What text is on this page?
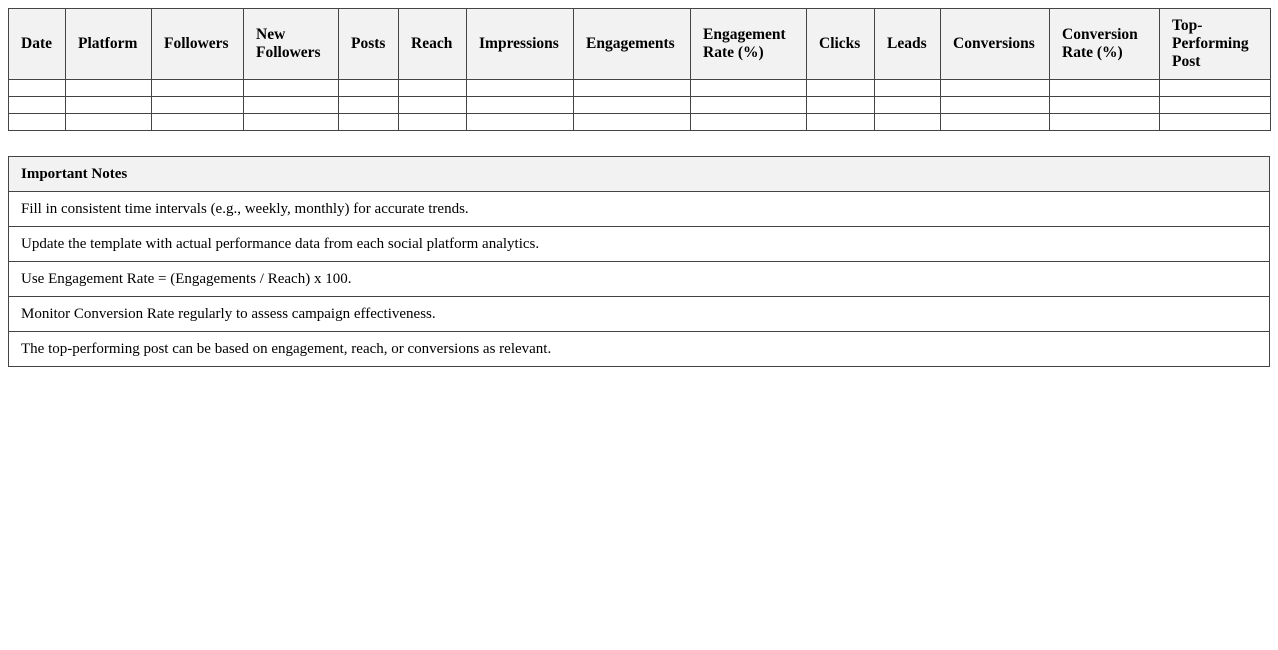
Date	Platform	Followers	New Followers	Posts	Reach	Impressions	Engagements	Engagement Rate (%)	Clicks	Leads	Conversions	Conversion Rate (%)	Top-Performing Post

Important Notes
Fill in consistent time intervals (e.g., weekly, monthly) for accurate trends.
Update the template with actual performance data from each social platform analytics.
Use Engagement Rate = (Engagements / Reach) x 100.
Monitor Conversion Rate regularly to assess campaign effectiveness.
The top-performing post can be based on engagement, reach, or conversions as relevant.
